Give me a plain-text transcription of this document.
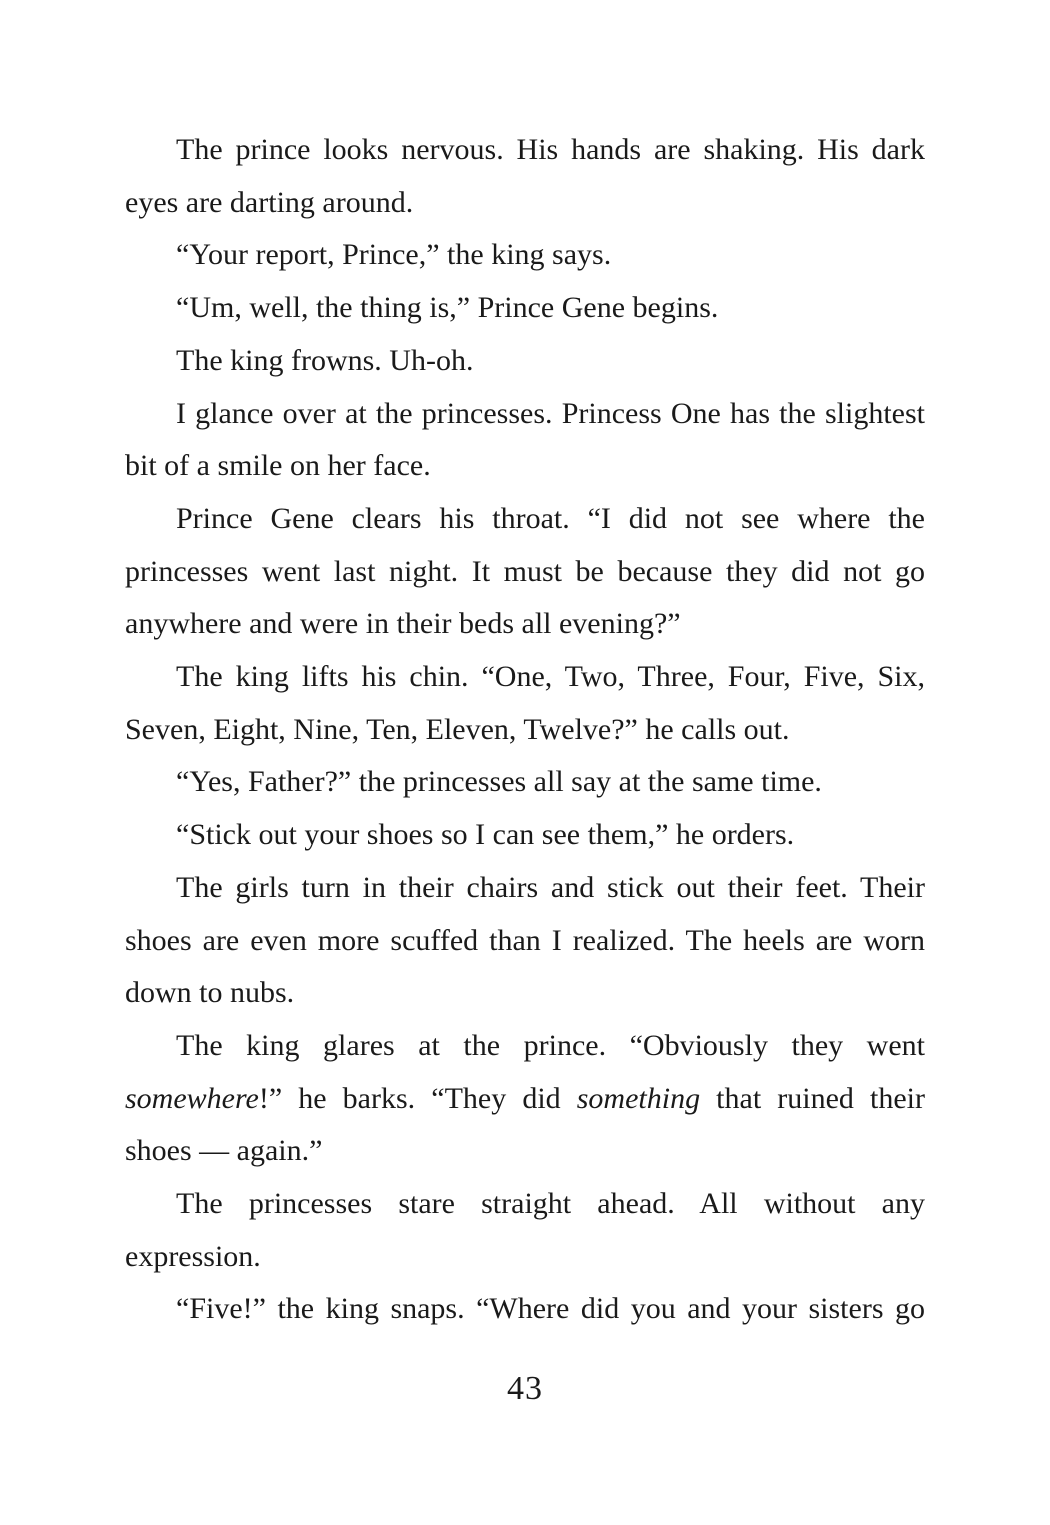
The prince looks nervous. His hands are shaking. His dark eyes are darting around.

“Your report, Prince,” the king says.

“Um, well, the thing is,” Prince Gene begins.

The king frowns. Uh-oh.

I glance over at the princesses. Princess One has the slightest bit of a smile on her face.

Prince Gene clears his throat. “I did not see where the princesses went last night. It must be because they did not go anywhere and were in their beds all evening?”

The king lifts his chin. “One, Two, Three, Four, Five, Six, Seven, Eight, Nine, Ten, Eleven, Twelve?” he calls out.

“Yes, Father?” the princesses all say at the same time.

“Stick out your shoes so I can see them,” he orders.

The girls turn in their chairs and stick out their feet. Their shoes are even more scuffed than I realized. The heels are worn down to nubs.

The king glares at the prince. “Obviously they went somewhere!” he barks. “They did something that ruined their shoes — again.”

The princesses stare straight ahead. All without any expression.

“Five!” the king snaps. “Where did you and your sisters go

43
